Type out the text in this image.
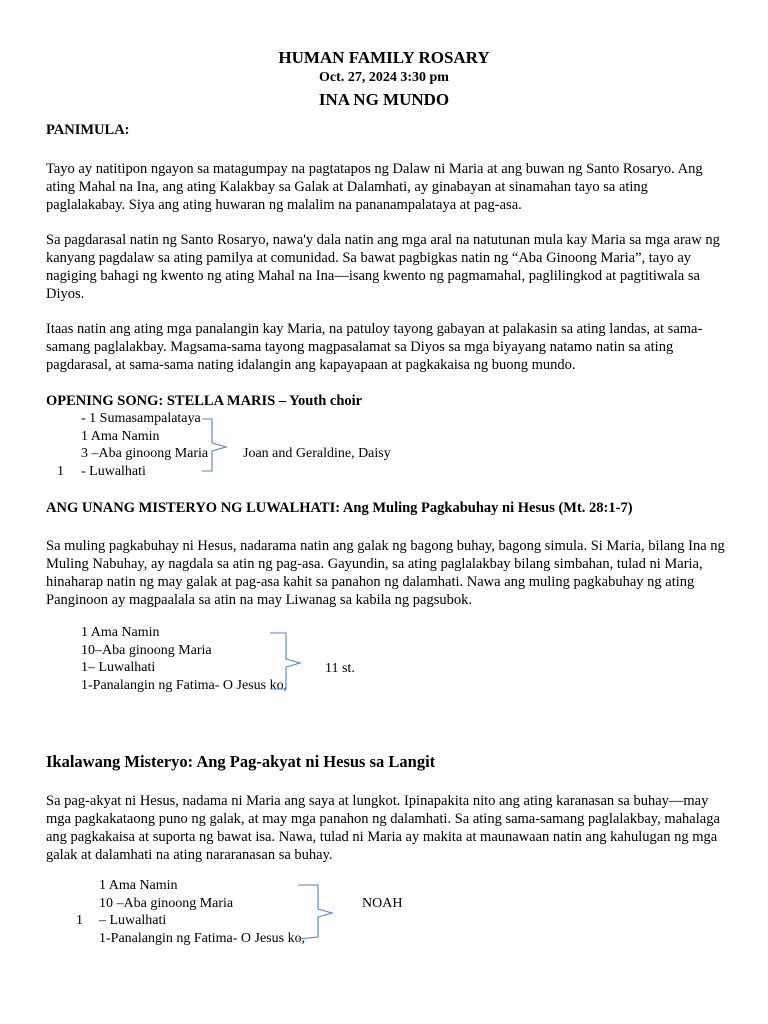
HUMAN FAMILY ROSARY
Oct. 27, 2024 3:30 pm
INA NG MUNDO
PANIMULA:
Tayo ay natitipon ngayon sa matagumpay na pagtatapos ng Dalaw ni Maria at ang buwan ng Santo Rosaryo. Ang ating Mahal na Ina, ang ating Kalakbay sa Galak at Dalamhati, ay ginabayan at sinamahan tayo sa ating paglalakabay. Siya ang ating huwaran ng malalim na pananampalataya at pag-asa.
Sa pagdarasal natin ng Santo Rosaryo, nawa'y dala natin ang mga aral na natutunan mula kay Maria sa mga araw ng kanyang pagdalaw sa ating pamilya at comunidad. Sa bawat pagbigkas natin ng “Aba Ginoong Maria”, tayo ay nagiging bahagi ng kwento ng ating Mahal na Ina—isang kwento ng pagmamahal, paglilingkod at pagtitiwala sa Diyos.
Itaas natin ang ating mga panalangin kay Maria, na patuloy tayong gabayan at palakasin sa ating landas, at sama-samang paglalakbay. Magsama-sama tayong magpasalamat sa Diyos sa mga biyayang natamo natin sa ating pagdarasal, at sama-sama nating idalangin ang kapayapaan at pagkakaisa ng buong mundo.
OPENING SONG: STELLA MARIS – Youth choir
- 1 Sumasampalataya
1 Ama Namin
3 –Aba ginoong Maria
1 - Luwalhati
Joan and Geraldine, Daisy
ANG UNANG MISTERYO NG LUWALHATI: Ang Muling Pagkabuhay ni Hesus (Mt. 28:1-7)
Sa muling pagkabuhay ni Hesus, nadarama natin ang galak ng bagong buhay, bagong simula. Si Maria, bilang Ina ng Muling Nabuhay, ay nagdala sa atin ng pag-asa. Gayundin, sa ating paglalakbay bilang simbahan, tulad ni Maria, hinaharap natin ng may galak at pag-asa kahit sa panahon ng dalamhati. Nawa ang muling pagkabuhay ng ating Panginoon ay magpaalala sa atin na may Liwanag sa kabila ng pagsubok.
1 Ama Namin
10–Aba ginoong Maria
1– Luwalhati
1-Panalangin ng Fatima- O Jesus ko,
11 st.
Ikalawang Misteryo: Ang Pag-akyat ni Hesus sa Langit
Sa pag-akyat ni Hesus, nadama ni Maria ang saya at lungkot. Ipinapakita nito ang ating karanasan sa buhay—may mga pagkakataong puno ng galak, at may mga panahon ng dalamhati. Sa ating sama-samang paglalakbay, mahalaga ang pagkakaisa at suporta ng bawat isa. Nawa, tulad ni Maria ay makita at maunawaan natin ang kahulugan ng mga galak at dalamhati na ating nararanasan sa buhay.
1 Ama Namin
10 –Aba ginoong Maria
1 – Luwalhati
1-Panalangin ng Fatima- O Jesus ko,
NOAH
